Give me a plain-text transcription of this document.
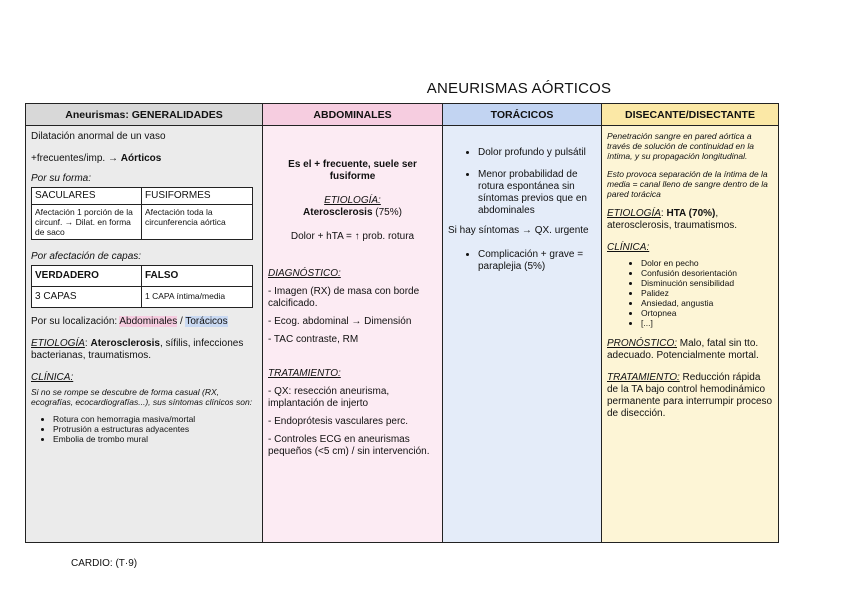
ANEURISMAS AÓRTICOS
Aneurismas: GENERALIDADES

Dilatación anormal de un vaso

+frecuentes/imp. → Aórticos

Por su forma:

SACULARES	FUSIFORMES
Afectación 1 porción de la circunf. → Dilat. en forma de saco	Afectación toda la circunferencia aórtica

Por afectación de capas:

VERDADERO	FALSO
3 CAPAS	1 CAPA íntima/media

Por su localización: Abdominales / Torácicos

ETIOLOGÍA: Aterosclerosis, sífilis, infecciones bacterianas, traumatismos.

CLÍNICA:

Si no se rompe se descubre de forma casual (RX, ecografías, ecocardiografías...), sus síntomas clínicos son:

• Rotura con hemorragia masiva/mortal
• Protrusión a estructuras adyacentes
• Embolia de trombo mural
ABDOMINALES

Es el + frecuente, suele ser fusiforme

ETIOLOGÍA:

Aterosclerosis (75%)

Dolor + hTA = ↑ prob. rotura

DIAGNÓSTICO:

- Imagen (RX) de masa con borde calcificado.

- Ecog. abdominal → Dimensión

- TAC contraste, RM

TRATAMIENTO:

- QX: resección aneurisma, implantación de injerto

- Endoprótesis vasculares perc.

- Controles ECG en aneurismas pequeños (<5 cm) / sin intervención.

TORÁCICOS
• Dolor profundo y pulsátil
• Menor probabilidad de rotura espontánea sin síntomas previos que en abdominales

Si hay síntomas → QX. urgente

• Complicación + grave = paraplejia (5%)
DISECANTE/DISECTANTE

Penetración sangre en pared aórtica a través de solución de continuidad en la íntima, y su propagación longitudinal.

Esto provoca separación de la íntima de la media = canal lleno de sangre dentro de la pared torácica

ETIOLOGÍA: HTA (70%), aterosclerosis, traumatismos.

CLÍNICA:

• Dolor en pecho
• Confusión desorientación
• Disminución sensibilidad
• Palidez
• Ansiedad, angustia
• Ortopnea
• [...]

PRONÓSTICO: Malo, fatal sin tto. adecuado. Potencialmente mortal.

TRATAMIENTO: Reducción rápida de la TA bajo control hemodinámico permanente para interrumpir proceso de disección.

CARDIO: (T·9)
